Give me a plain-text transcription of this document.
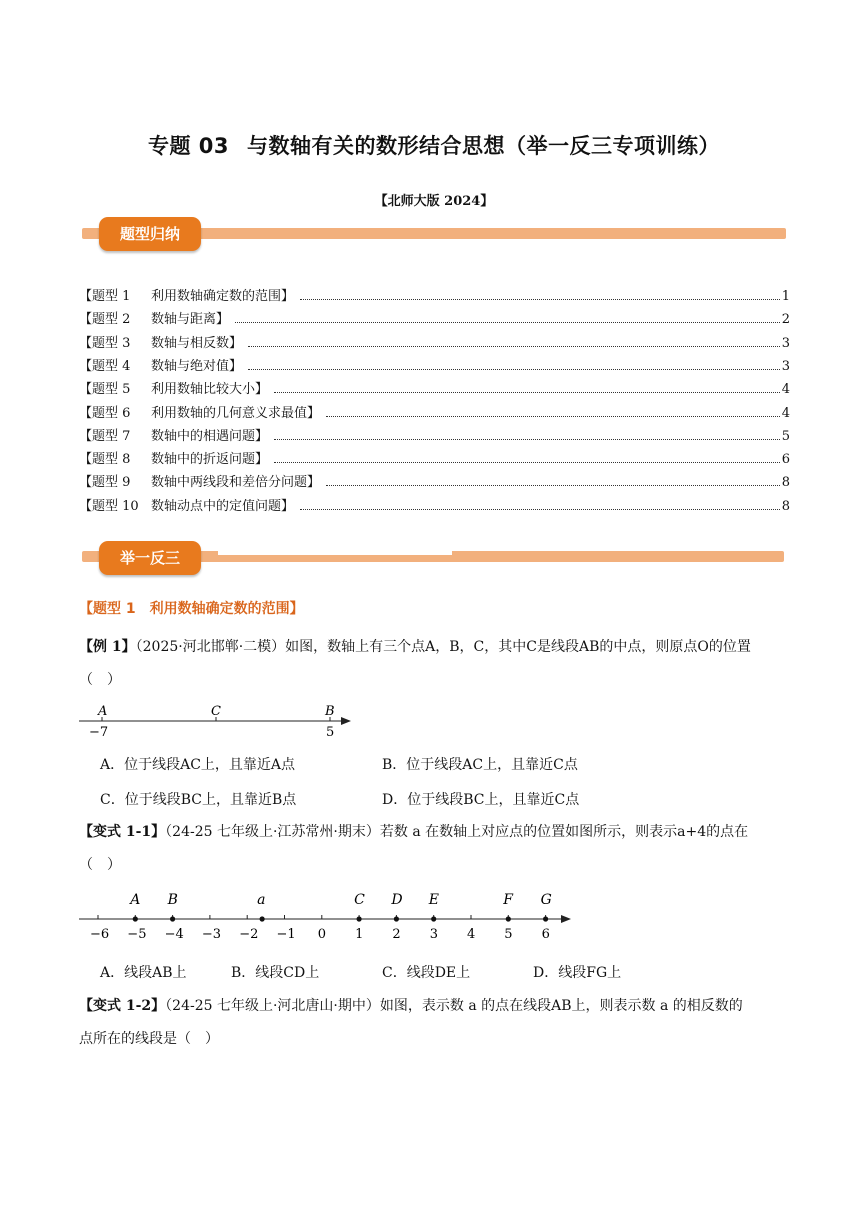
专题 03 与数轴有关的数形结合思想（举一反三专项训练）
【北师大版 2024】
题型归纳
【题型 1	利用数轴确定数的范围】	1
【题型 2	数轴与距离】	2
【题型 3	数轴与相反数】	3
【题型 4	数轴与绝对值】	3
【题型 5	利用数轴比较大小】	4
【题型 6	利用数轴的几何意义求最值】	4
【题型 7	数轴中的相遇问题】	5
【题型 8	数轴中的折返问题】	6
【题型 9	数轴中两线段和差倍分问题】	8
【题型 10 数轴动点中的定值问题】	8
举一反三
【题型 1　利用数轴确定数的范围】
【例 1】（2025·河北邯郸·二模）如图，数轴上有三个点A，B，C，其中C是线段AB的中点，则原点O的位置
（　）
A	C	B
−7	5
A．位于线段AC上，且靠近A点	B．位于线段AC上，且靠近C点
C．位于线段BC上，且靠近B点	D．位于线段BC上，且靠近C点
【变式 1-1】（24-25 七年级上·江苏常州·期末）若数 a 在数轴上对应点的位置如图所示，则表示a+4的点在
（　）
−6 −5 −4 −3 −2 −1 0 1 2 3 4 5 6
A B	a	C D E	F G
A．线段AB上	B．线段CD上	C．线段DE上	D．线段FG上
【变式 1-2】（24-25 七年级上·河北唐山·期中）如图，表示数 a 的点在线段AB上，则表示数 a 的相反数的
点所在的线段是（　）
